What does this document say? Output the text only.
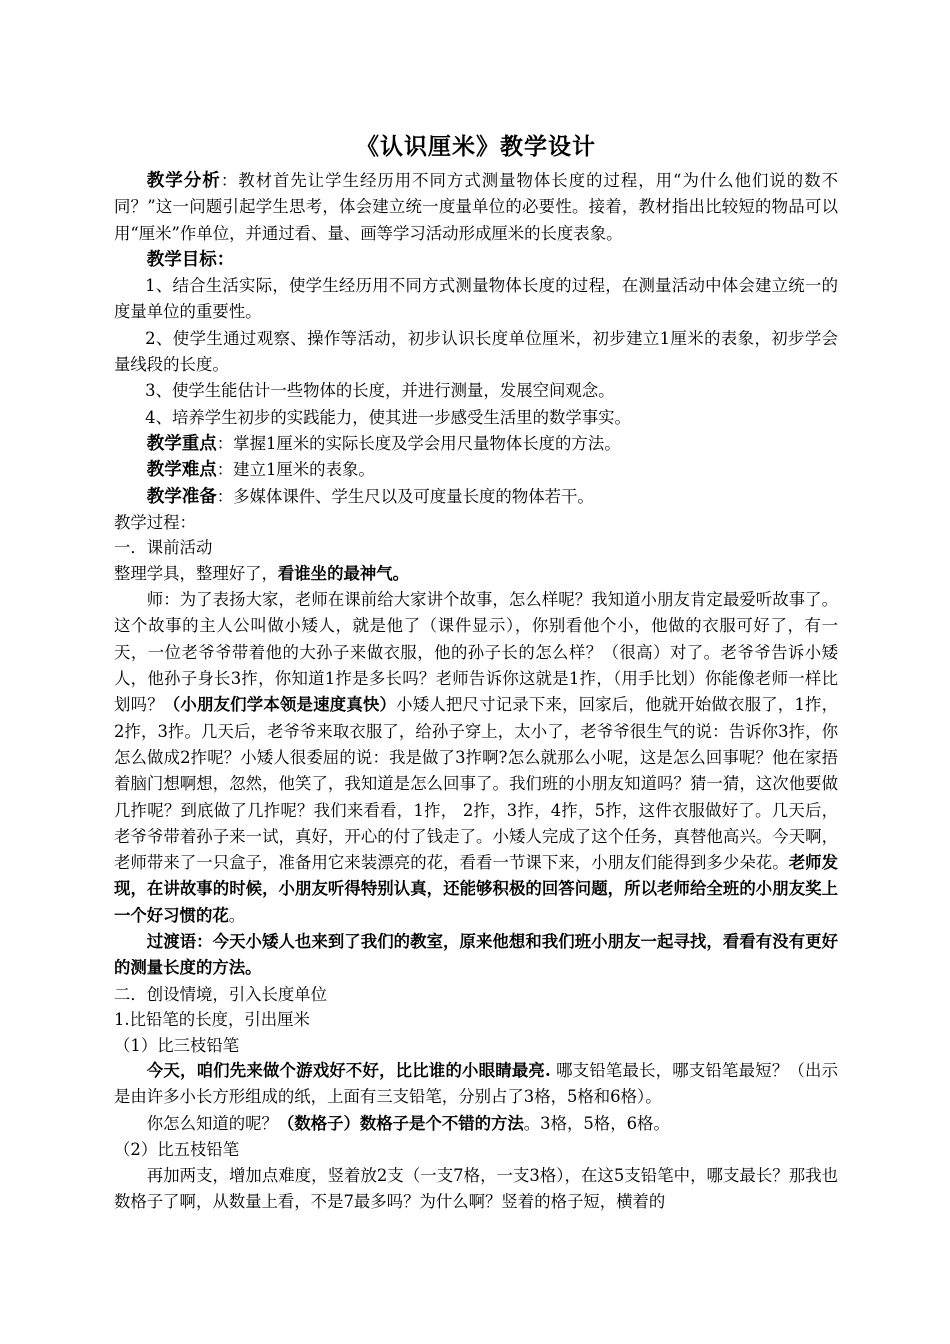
《认识厘米》教学设计

教学分析：教材首先让学生经历用不同方式测量物体长度的过程，用“为什么他们说的数不同？”这一问题引起学生思考，体会建立统一度量单位的必要性。接着，教材指出比较短的物品可以用“厘米”作单位，并通过看、量、画等学习活动形成厘米的长度表象。

教学目标：

1、结合生活实际，使学生经历用不同方式测量物体长度的过程，在测量活动中体会建立统一的度量单位的重要性。

2、使学生通过观察、操作等活动，初步认识长度单位厘米，初步建立1厘米的表象，初步学会量线段的长度。

3、使学生能估计一些物体的长度，并进行测量，发展空间观念。

4、培养学生初步的实践能力，使其进一步感受生活里的数学事实。

教学重点：掌握1厘米的实际长度及学会用尺量物体长度的方法。

教学难点：建立1厘米的表象。

教学准备：多媒体课件、学生尺以及可度量长度的物体若干。

教学过程：

一．课前活动

整理学具，整理好了，看谁坐的最神气。

师：为了表扬大家，老师在课前给大家讲个故事，怎么样呢？我知道小朋友肯定最爱听故事了。这个故事的主人公叫做小矮人，就是他了（课件显示），你别看他个小，他做的衣服可好了，有一天，一位老爷爷带着他的大孙子来做衣服，他的孙子长的怎么样？（很高）对了。老爷爷告诉小矮人，他孙子身长3拃，你知道1拃是多长吗？老师告诉你这就是1拃，（用手比划）你能像老师一样比划吗？（小朋友们学本领是速度真快）小矮人把尺寸记录下来，回家后，他就开始做衣服了，1拃，2拃，3拃。几天后，老爷爷来取衣服了，给孙子穿上，太小了，老爷爷很生气的说：告诉你3拃，你怎么做成2拃呢？小矮人很委屈的说：我是做了3拃啊?怎么就那么小呢，这是怎么回事呢？他在家捂着脑门想啊想，忽然，他笑了，我知道是怎么回事了。我们班的小朋友知道吗？猜一猜，这次他要做几拃呢？到底做了几拃呢？我们来看看，1拃， 2拃，3拃，4拃，5拃，这件衣服做好了。几天后，老爷爷带着孙子来一试，真好，开心的付了钱走了。小矮人完成了这个任务，真替他高兴。今天啊，老师带来了一只盒子，准备用它来装漂亮的花，看看一节课下来，小朋友们能得到多少朵花。老师发现，在讲故事的时候，小朋友听得特别认真，还能够积极的回答问题，所以老师给全班的小朋友奖上一个好习惯的花。

过渡语：今天小矮人也来到了我们的教室，原来他想和我们班小朋友一起寻找，看看有没有更好的测量长度的方法。

二．创设情境，引入长度单位

1.比铅笔的长度，引出厘米

（1）比三枝铅笔

今天，咱们先来做个游戏好不好，比比谁的小眼睛最亮. 哪支铅笔最长，哪支铅笔最短？（出示是由许多小长方形组成的纸，上面有三支铅笔，分别占了3格，5格和6格）。

你怎么知道的呢？（数格子）数格子是个不错的方法。3格，5格，6格。

（2）比五枝铅笔

再加两支，增加点难度，竖着放2支（一支7格，一支3格），在这5支铅笔中，哪支最长？那我也数格子了啊，从数量上看，不是7最多吗？为什么啊？竖着的格子短，横着的
